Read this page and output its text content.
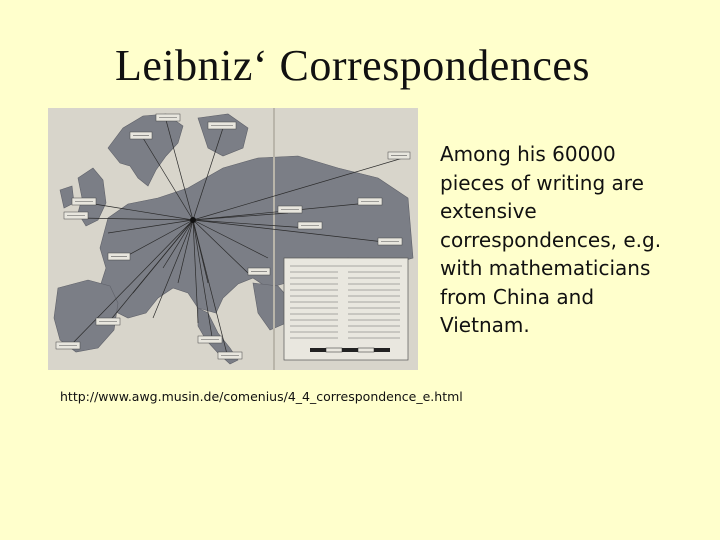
Leibniz‘ Correspondences
Among his 60000
pieces of writing are
extensive
correspondences, e.g.
with mathematicians
from China and
Vietnam.
http://www.awg.musin.de/comenius/4_4_correspondence_e.html
